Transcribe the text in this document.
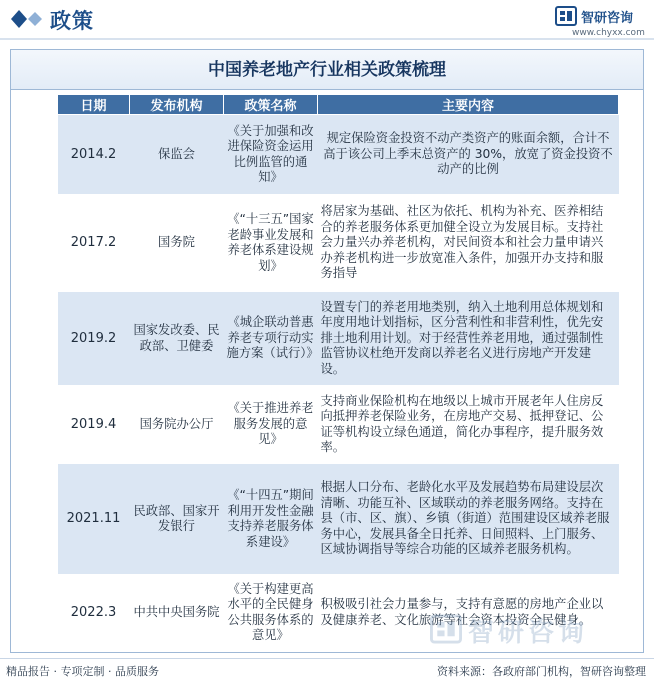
政策	智研咨询
www.chyxx.com
中国养老地产行业相关政策梳理
日期	发布机构	政策名称	主要内容
2014.2	保监会	《关于加强和改进保险资金运用比例监管的通知》	规定保险资金投资不动产类资产的账面余额，合计不高于该公司上季末总资产的 30%，放宽了资金投资不动产的比例
2017.2	国务院	《“十三五”国家老龄事业发展和养老体系建设规划》	将居家为基础、社区为依托、机构为补充、医养相结合的养老服务体系更加健全设立为发展目标。支持社会力量兴办养老机构，对民间资本和社会力量申请兴办养老机构进一步放宽准入条件，加强开办支持和服务指导
2019.2	国家发改委、民政部、卫健委	《城企联动普惠养老专项行动实施方案（试行）》	设置专门的养老用地类别，纳入土地利用总体规划和年度用地计划指标，区分营利性和非营利性，优先安排土地利用计划。对于经营性养老用地，通过强制性监管协议杜绝开发商以养老名义进行房地产开发建设。
2019.4	国务院办公厅	《关于推进养老服务发展的意见》	支持商业保险机构在地级以上城市开展老年人住房反向抵押养老保险业务，在房地产交易、抵押登记、公证等机构设立绿色通道，简化办事程序，提升服务效率。
2021.11	民政部、国家开发银行	《“十四五”期间利用开发性金融支持养老服务体系建设》	根据人口分布、老龄化水平及发展趋势布局建设层次清晰、功能互补、区域联动的养老服务网络。支持在县（市、区、旗）、乡镇（街道）范围建设区域养老服务中心，发展具备全日托养、日间照料、上门服务、区域协调指导等综合功能的区域养老服务机构。
2022.3	中共中央国务院	《关于构建更高水平的全民健身公共服务体系的意见》	积极吸引社会力量参与，支持有意愿的房地产企业以及健康养老、文化旅游等社会资本投资全民健身。
智研咨询
精品报告 · 专项定制 · 品质服务	资料来源：各政府部门机构，智研咨询整理
